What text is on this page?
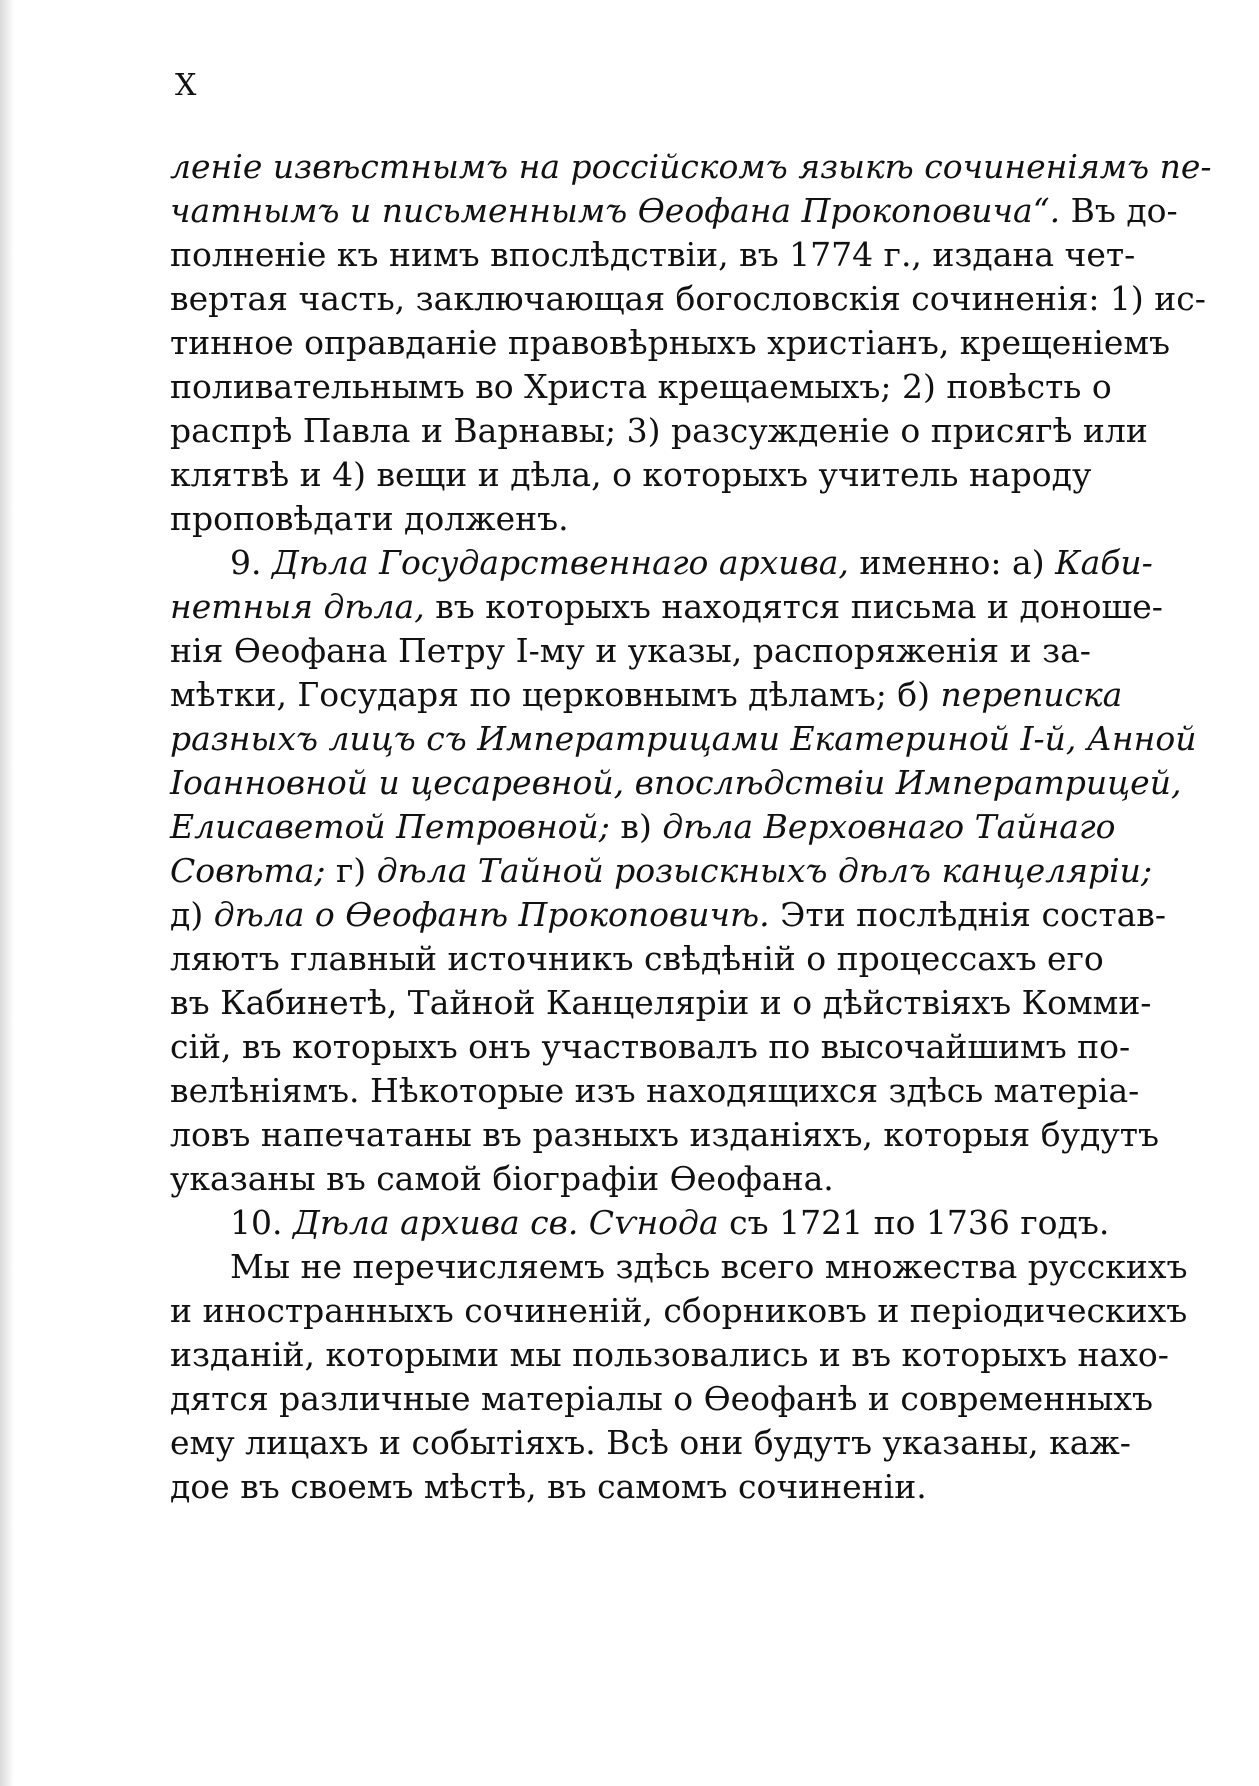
X

леніе извѣстнымъ на россійскомъ языкѣ сочиненіямъ пе-
чатнымъ и письменнымъ Ѳеофана Прокоповича“. Въ до-
полненіе къ нимъ впослѣдствіи, въ 1774 г., издана чет-
вертая часть, заключающая богословскія сочиненія: 1) ис-
тинное оправданіе правовѣрныхъ христіанъ, крещеніемъ
поливательнымъ во Христа крещаемыхъ; 2) повѣсть о
распрѣ Павла и Варнавы; 3) разсужденіе о присягѣ или
клятвѣ и 4) вещи и дѣла, о которыхъ учитель народу
проповѣдати долженъ.

9. Дѣла Государственнаго архива, именно: а) Каби-
нетныя дѣла, въ которыхъ находятся письма и доноше-
нія Ѳеофана Петру I-му и указы, распоряженія и за-
мѣтки, Государя по церковнымъ дѣламъ; б) переписка
разныхъ лицъ съ Императрицами Екатериной I-й, Анной
Іоанновной и цесаревной, впослѣдствіи Императрицей,
Елисаветой Петровной; в) дѣла Верховнаго Тайнаго
Совѣта; г) дѣла Тайной розыскныхъ дѣлъ канцеляріи;
д) дѣла о Ѳеофанѣ Прокоповичѣ. Эти послѣднія состав-
ляютъ главный источникъ свѣдѣній о процессахъ его
въ Кабинетѣ, Тайной Канцеляріи и о дѣйствіяхъ Комми-
сій, въ которыхъ онъ участвовалъ по высочайшимъ по-
велѣніямъ. Нѣкоторые изъ находящихся здѣсь матеріа-
ловъ напечатаны въ разныхъ изданіяхъ, которыя будутъ
указаны въ самой біографіи Ѳеофана.

10. Дѣла архива св. Сѵнода съ 1721 по 1736 годъ.

Мы не перечисляемъ здѣсь всего множества русскихъ
и иностранныхъ сочиненій, сборниковъ и періодическихъ
изданій, которыми мы пользовались и въ которыхъ нахо-
дятся различные матеріалы о Ѳеофанѣ и современныхъ
ему лицахъ и событіяхъ. Всѣ они будутъ указаны, каж-
дое въ своемъ мѣстѣ, въ самомъ сочиненіи.
